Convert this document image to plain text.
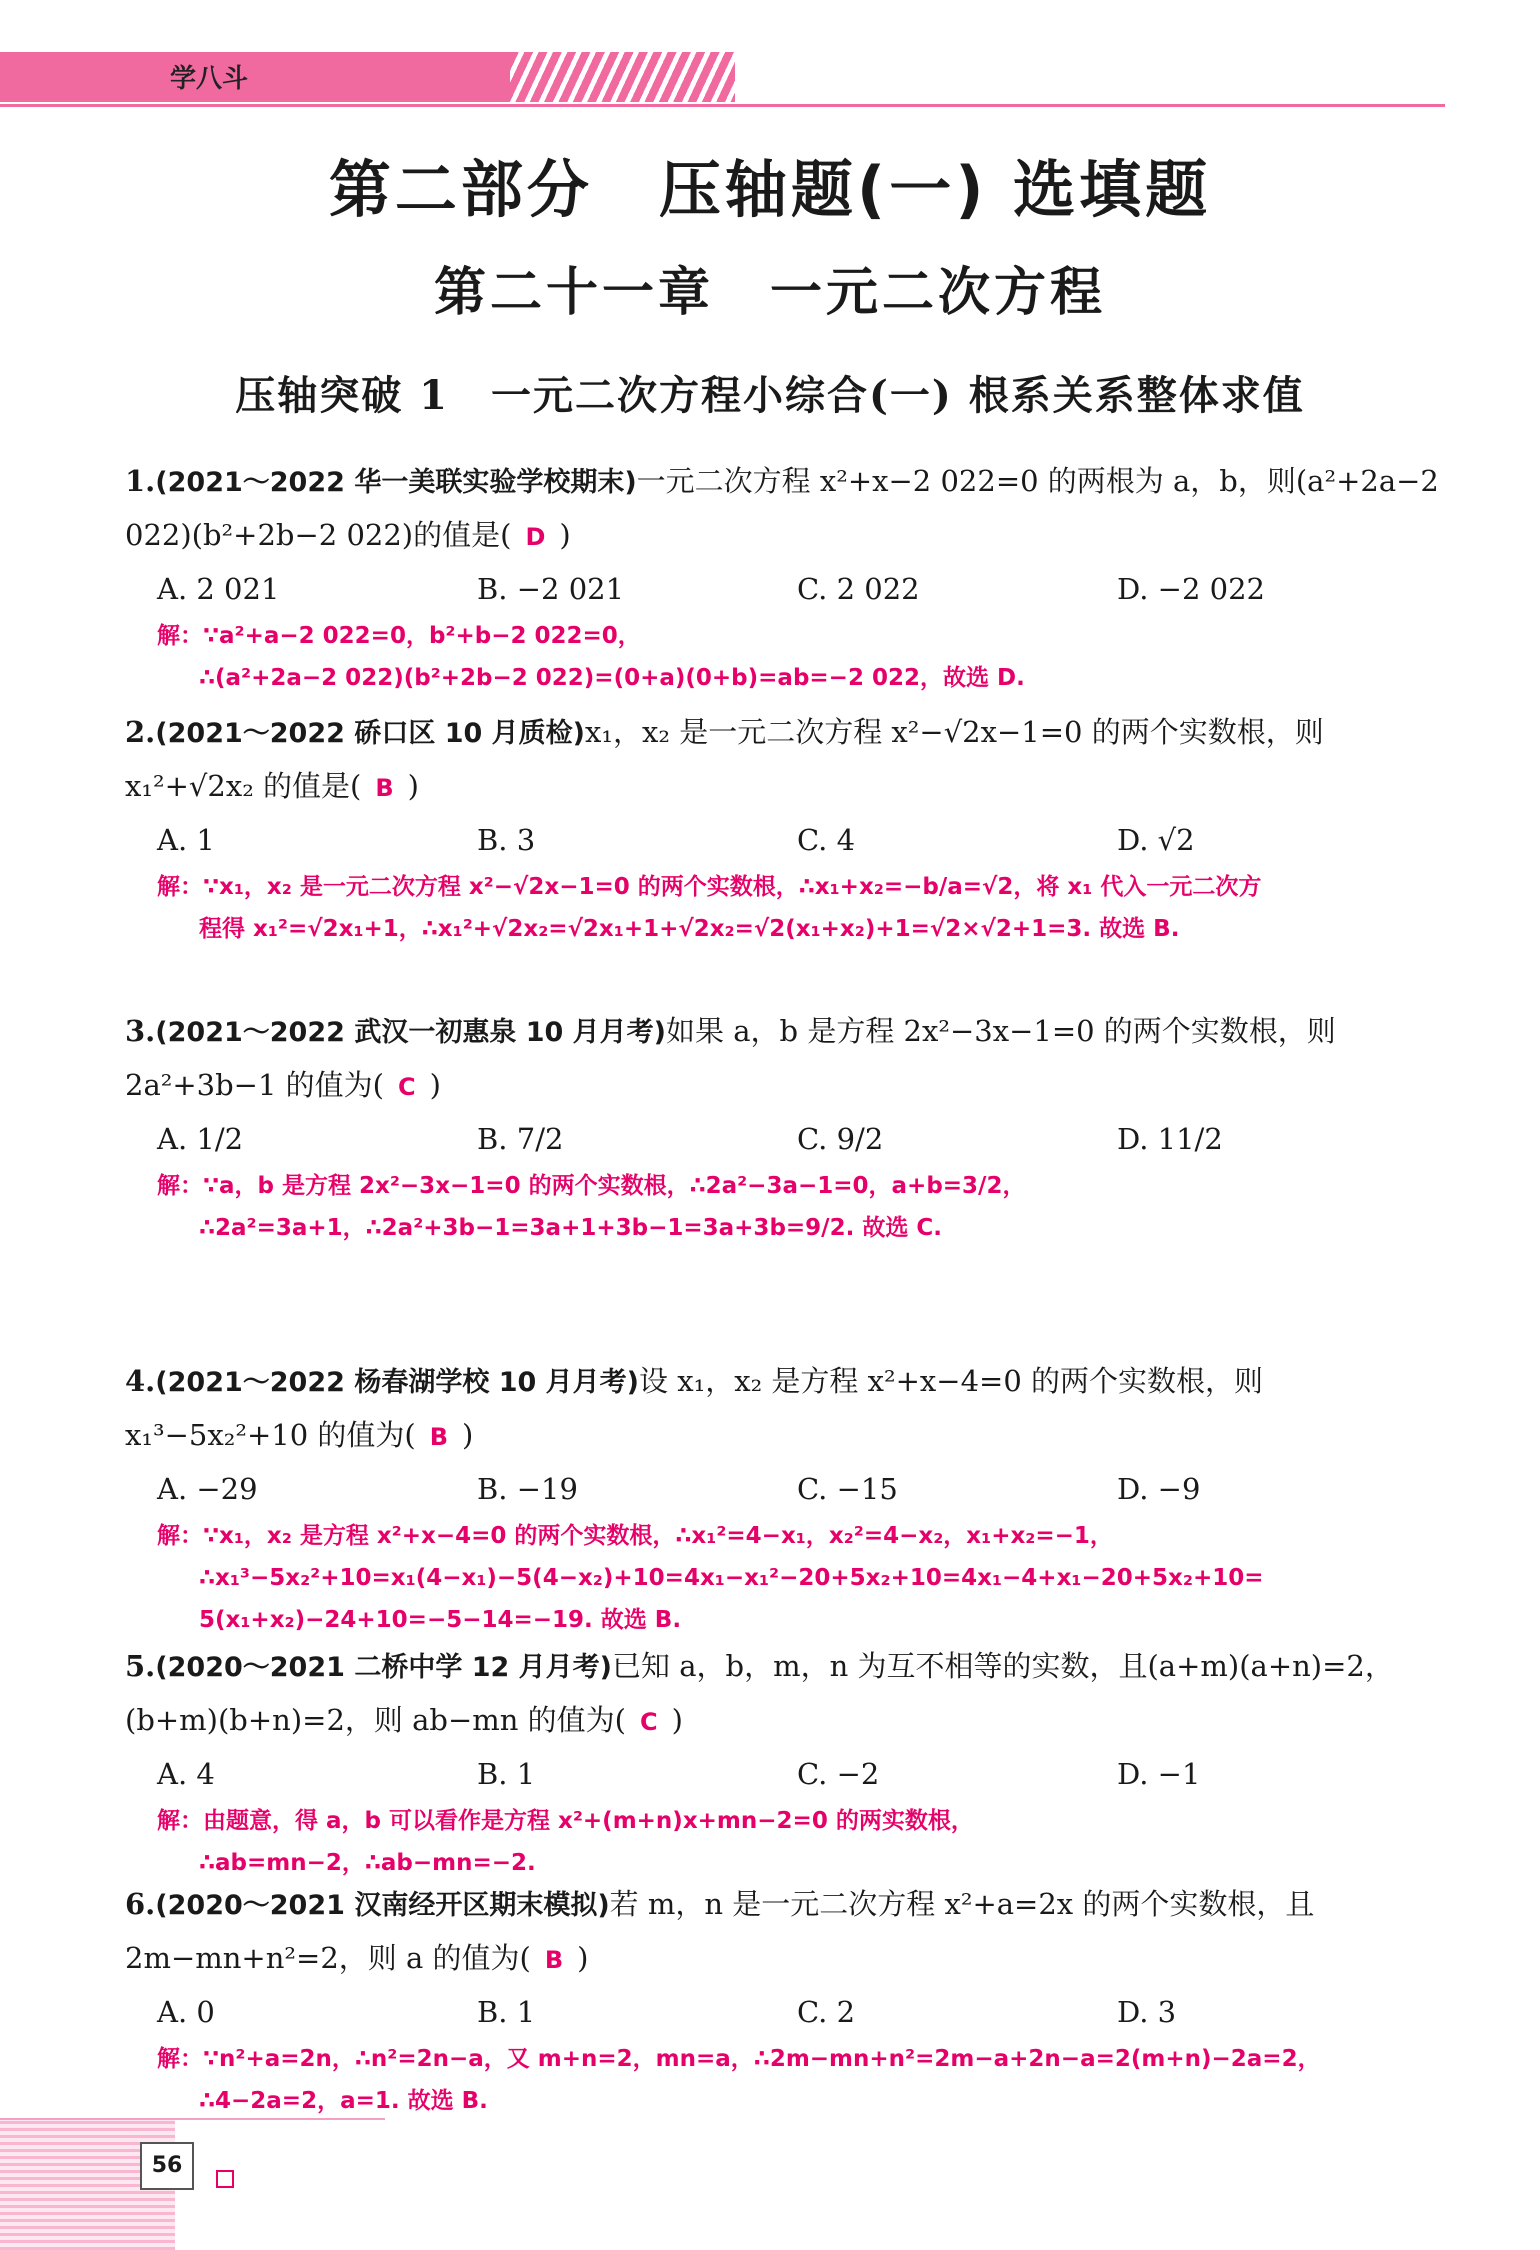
学八斗
第二部分　压轴题(一) 选填题
第二十一章　一元二次方程
压轴突破 1　一元二次方程小综合(一) 根系关系整体求值
1.(2021～2022 华一美联实验学校期末)一元二次方程 x²+x−2 022=0 的两根为 a，b，则(a²+2a−2 022)(b²+2b−2 022)的值是( D )
A. 2 021	B. −2 021	C. 2 022	D. −2 022
解：∵a²+a−2 022=0，b²+b−2 022=0，
∴(a²+2a−2 022)(b²+2b−2 022)=(0+a)(0+b)=ab=−2 022，故选 D.
2.(2021～2022 硚口区 10 月质检)x₁，x₂ 是一元二次方程 x²−√2x−1=0 的两个实数根，则 x₁²+√2x₂ 的值是( B )
A. 1	B. 3	C. 4	D. √2
解：∵x₁，x₂ 是一元二次方程 x²−√2x−1=0 的两个实数根，∴x₁+x₂=−b/a=√2，将 x₁ 代入一元二次方
程得 x₁²=√2x₁+1，∴x₁²+√2x₂=√2x₁+1+√2x₂=√2(x₁+x₂)+1=√2×√2+1=3. 故选 B.
3.(2021～2022 武汉一初惠泉 10 月月考)如果 a，b 是方程 2x²−3x−1=0 的两个实数根，则 2a²+3b−1 的值为( C )
A. 1/2	B. 7/2	C. 9/2	D. 11/2
解：∵a，b 是方程 2x²−3x−1=0 的两个实数根，∴2a²−3a−1=0，a+b=3/2，
∴2a²=3a+1，∴2a²+3b−1=3a+1+3b−1=3a+3b=9/2. 故选 C.
4.(2021～2022 杨春湖学校 10 月月考)设 x₁，x₂ 是方程 x²+x−4=0 的两个实数根，则 x₁³−5x₂²+10 的值为( B )
A. −29	B. −19	C. −15	D. −9
解：∵x₁，x₂ 是方程 x²+x−4=0 的两个实数根，∴x₁²=4−x₁，x₂²=4−x₂，x₁+x₂=−1，
∴x₁³−5x₂²+10=x₁(4−x₁)−5(4−x₂)+10=4x₁−x₁²−20+5x₂+10=4x₁−4+x₁−20+5x₂+10=
5(x₁+x₂)−24+10=−5−14=−19. 故选 B.
5.(2020～2021 二桥中学 12 月月考)已知 a，b，m，n 为互不相等的实数，且(a+m)(a+n)=2，(b+m)(b+n)=2，则 ab−mn 的值为( C )
A. 4	B. 1	C. −2	D. −1
解：由题意，得 a，b 可以看作是方程 x²+(m+n)x+mn−2=0 的两实数根，
∴ab=mn−2，∴ab−mn=−2.
6.(2020～2021 汉南经开区期末模拟)若 m，n 是一元二次方程 x²+a=2x 的两个实数根，且 2m−mn+n²=2，则 a 的值为( B )
A. 0	B. 1	C. 2	D. 3
解：∵n²+a=2n，∴n²=2n−a，又 m+n=2，mn=a，∴2m−mn+n²=2m−a+2n−a=2(m+n)−2a=2，
∴4−2a=2，a=1. 故选 B.
56
